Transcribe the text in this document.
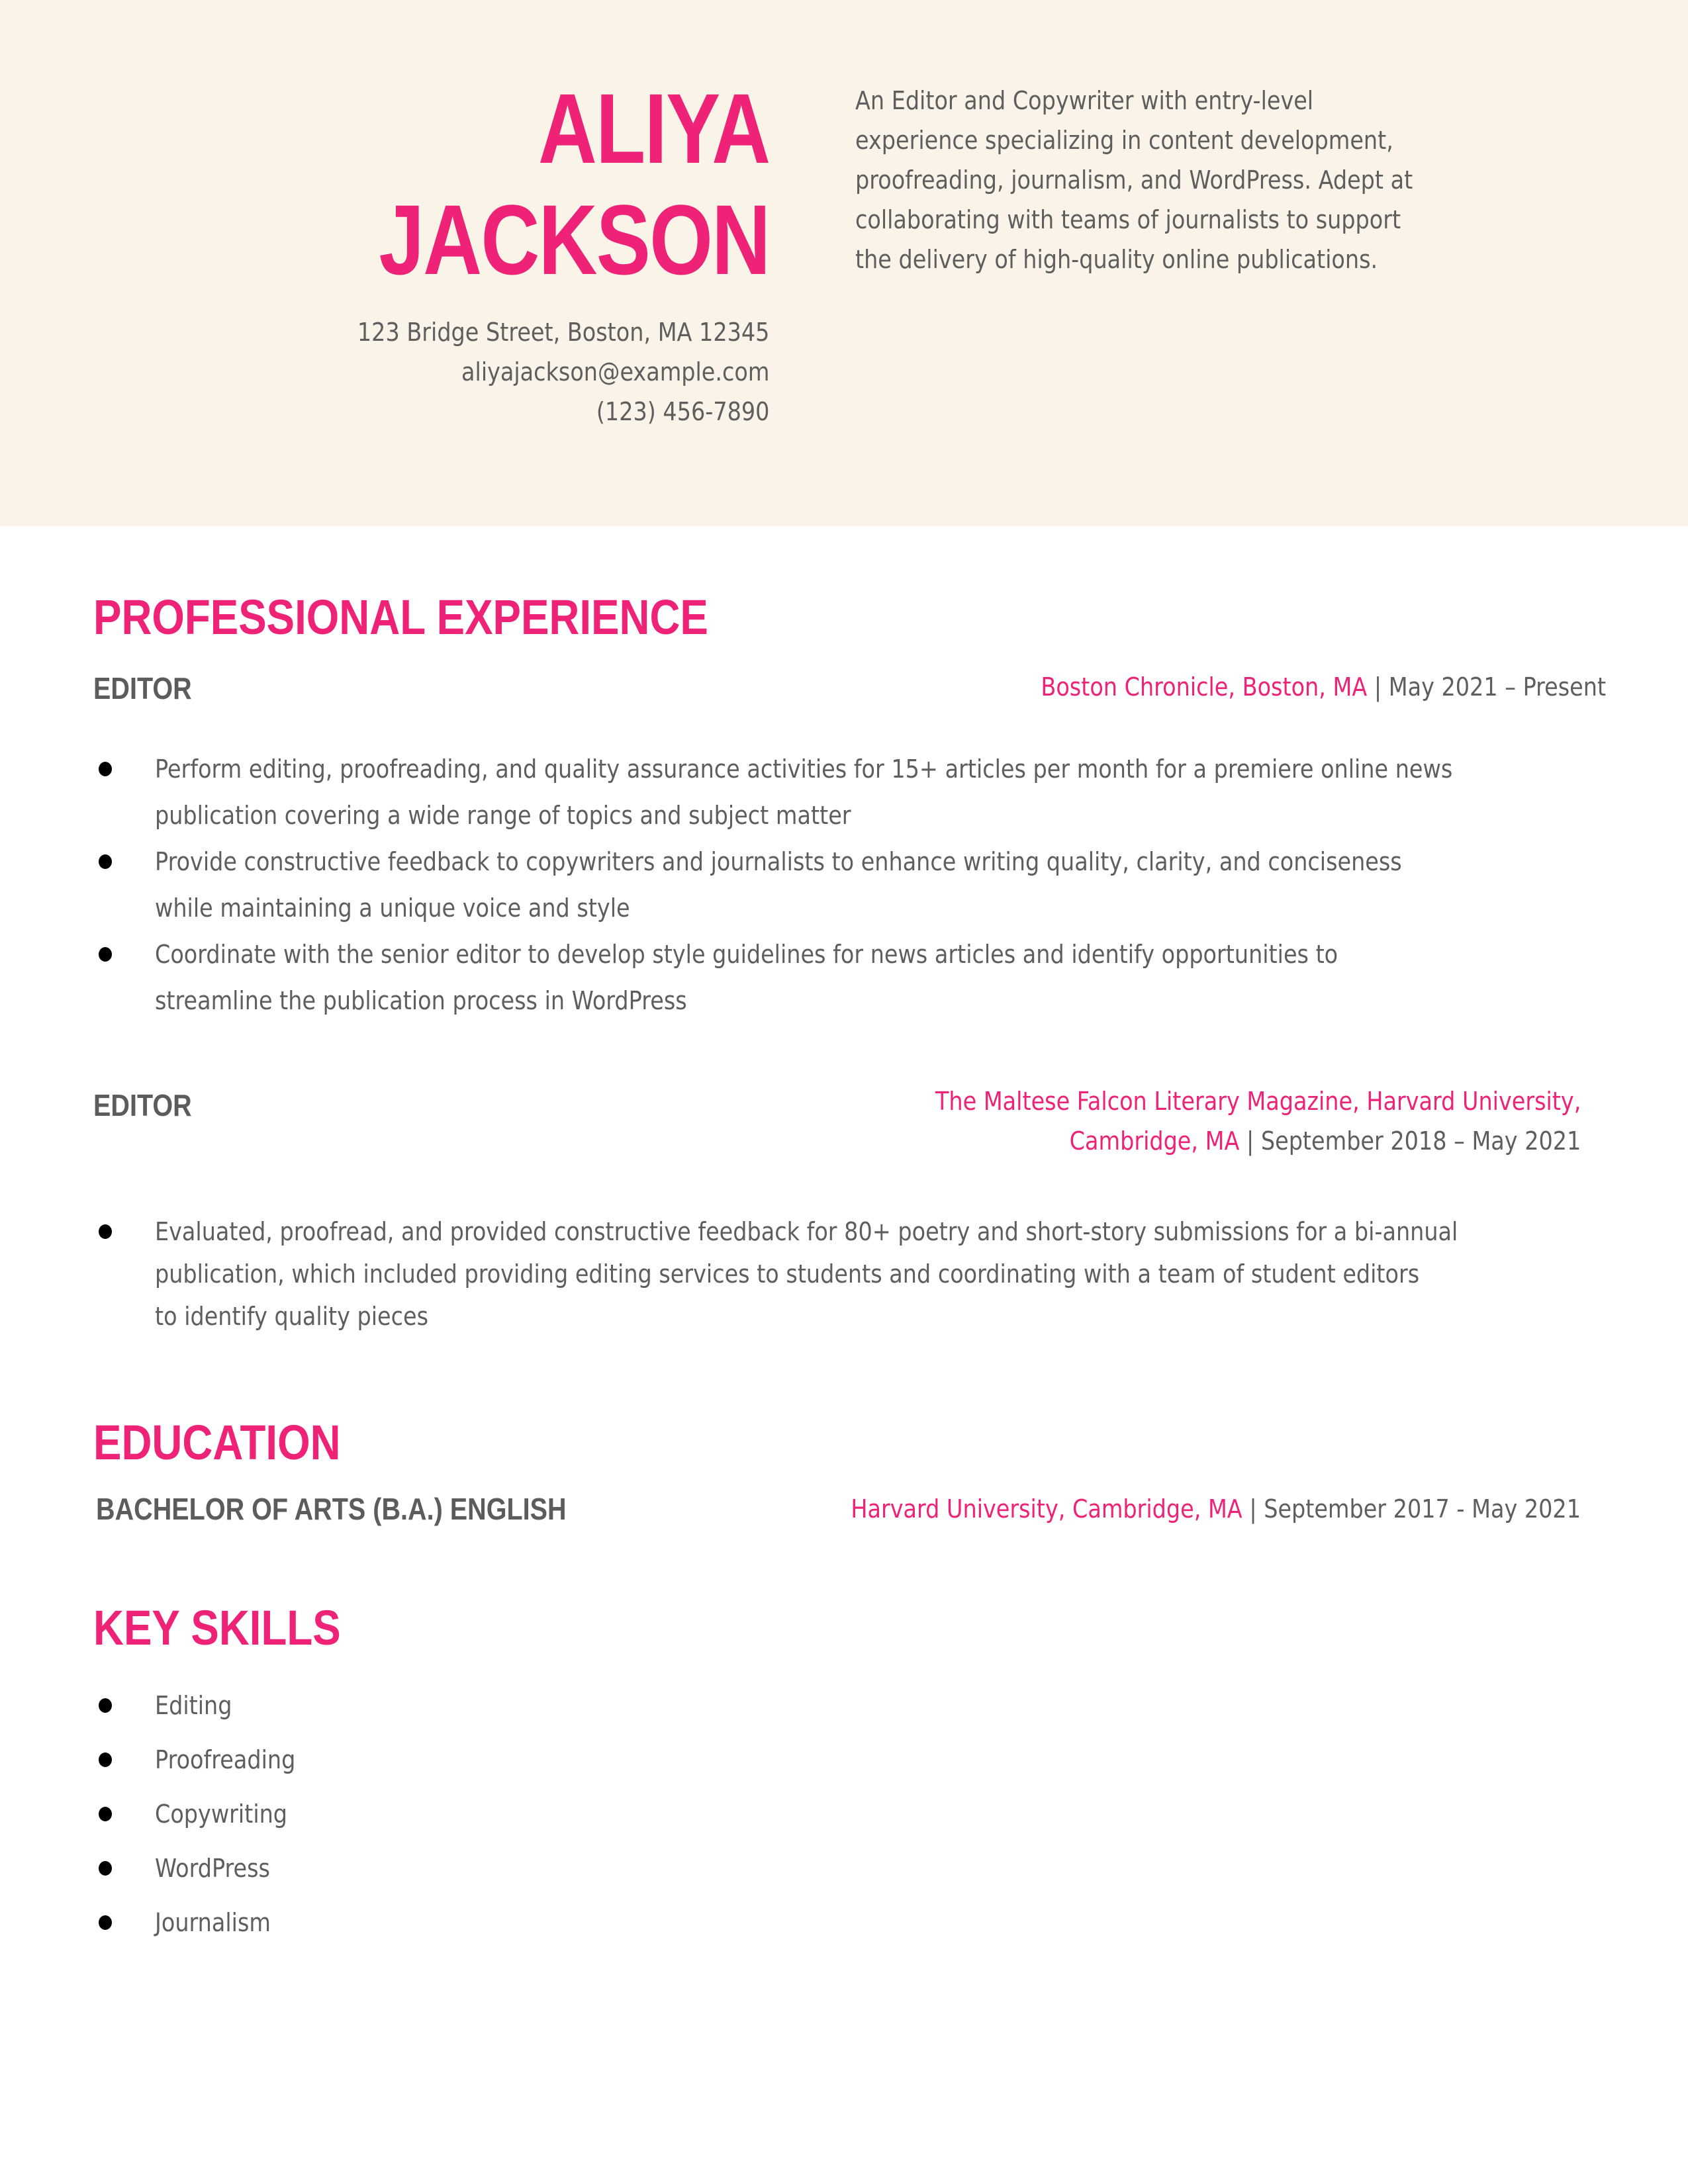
ALIYA
JACKSON
123 Bridge Street, Boston, MA 12345
aliyajackson@example.com
(123) 456-7890
An Editor and Copywriter with entry-level
experience specializing in content development,
proofreading, journalism, and WordPress. Adept at
collaborating with teams of journalists to support
the delivery of high-quality online publications.
PROFESSIONAL EXPERIENCE
EDITOR	Boston Chronicle, Boston, MA | May 2021 – Present
Perform editing, proofreading, and quality assurance activities for 15+ articles per month for a premiere online news
publication covering a wide range of topics and subject matter
Provide constructive feedback to copywriters and journalists to enhance writing quality, clarity, and conciseness
while maintaining a unique voice and style
Coordinate with the senior editor to develop style guidelines for news articles and identify opportunities to
streamline the publication process in WordPress
EDITOR	The Maltese Falcon Literary Magazine, Harvard University,
Cambridge, MA | September 2018 – May 2021
Evaluated, proofread, and provided constructive feedback for 80+ poetry and short-story submissions for a bi-annual
publication, which included providing editing services to students and coordinating with a team of student editors
to identify quality pieces
EDUCATION
BACHELOR OF ARTS (B.A.) ENGLISH	Harvard University, Cambridge, MA | September 2017 - May 2021
KEY SKILLS
Editing
Proofreading
Copywriting
WordPress
Journalism
